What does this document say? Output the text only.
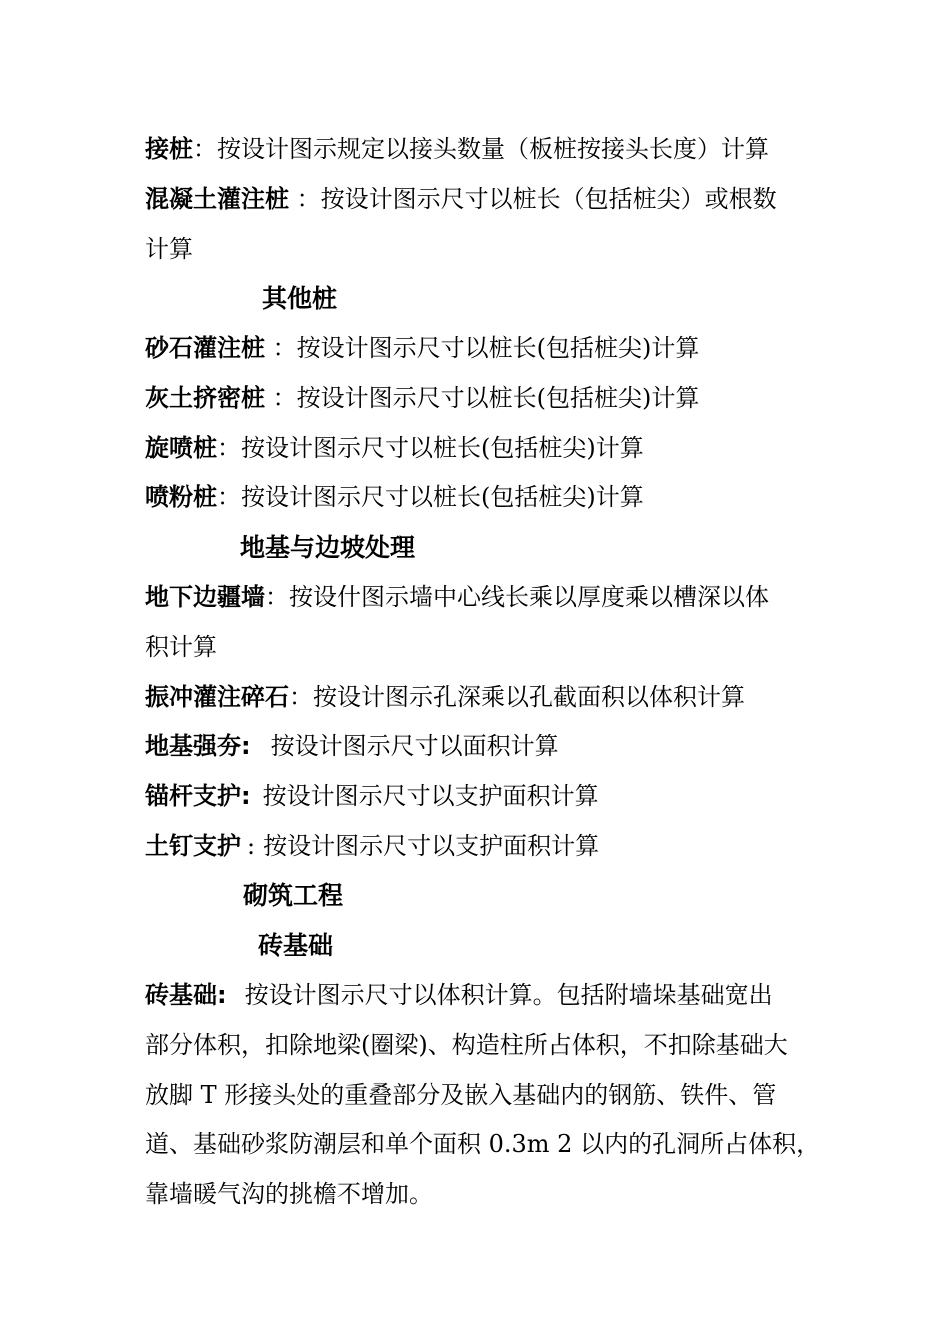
接桩：按设计图示规定以接头数量（板桩按接头长度）计算
混凝土灌注桩 ：按设计图示尺寸以桩长（包括桩尖）或根数
计算
其他桩
砂石灌注桩 ：按设计图示尺寸以桩长(包括桩尖)计算
灰土挤密桩 ：按设计图示尺寸以桩长(包括桩尖)计算
旋喷桩：按设计图示尺寸以桩长(包括桩尖)计算
喷粉桩：按设计图示尺寸以桩长(包括桩尖)计算
地基与边坡处理
地下边疆墙：按设什图示墙中心线长乘以厚度乘以槽深以体
积计算
振冲灌注碎石：按设计图示孔深乘以孔截面积以体积计算
地基强夯: 按设计图示尺寸以面积计算
锚杆支护: 按设计图示尺寸以支护面积计算
土钉支护 : 按设计图示尺寸以支护面积计算
砌筑工程
砖基础
砖基础: 按设计图示尺寸以体积计算。包括附墙垛基础宽出
部分体积，扣除地梁(圈梁)、构造柱所占体积，不扣除基础大
放脚 T 形接头处的重叠部分及嵌入基础内的钢筋、铁件、管
道、基础砂浆防潮层和单个面积 0.3m 2 以内的孔洞所占体积，
靠墙暖气沟的挑檐不增加。
